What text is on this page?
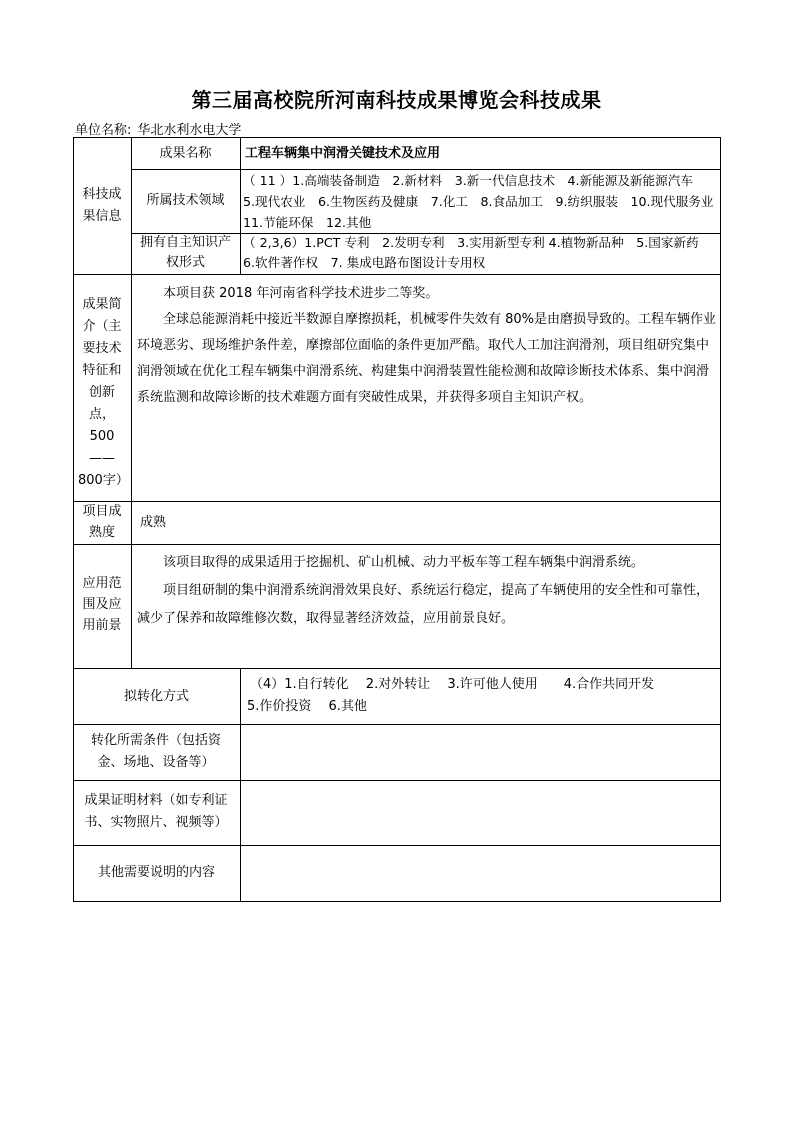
第三届高校院所河南科技成果博览会科技成果
单位名称: 华北水利水电大学
科技成果信息
成果名称	工程车辆集中润滑关键技术及应用
所属技术领域
（ 11 ）1.高端装备制造　2.新材料　3.新一代信息技术　4.新能源及新能源汽车　5.现代农业　6.生物医药及健康　7.化工　8.食品加工　9.纺织服装　10.现代服务业　11.节能环保　12.其他
拥有自主知识产权形式
（ 2,3,6）1.PCT 专利　2.发明专利　3.实用新型专利 4.植物新品种　5.国家新药　6.软件著作权　7. 集成电路布图设计专用权
成果简介（主要技术特征和创新点，500——800字）

本项目获 2018 年河南省科学技术进步二等奖。

全球总能源消耗中接近半数源自摩擦损耗，机械零件失效有 80%是由磨损导致的。工程车辆作业环境恶劣、现场维护条件差，摩擦部位面临的条件更加严酷。取代人工加注润滑剂，项目组研究集中润滑领域在优化工程车辆集中润滑系统、构建集中润滑装置性能检测和故障诊断技术体系、集中润滑系统监测和故障诊断的技术难题方面有突破性成果，并获得多项自主知识产权。

项目成熟度
成熟
应用范围及应用前景

该项目取得的成果适用于挖掘机、矿山机械、动力平板车等工程车辆集中润滑系统。

项目组研制的集中润滑系统润滑效果良好、系统运行稳定，提高了车辆使用的安全性和可靠性，减少了保养和故障维修次数，取得显著经济效益，应用前景良好。

拟转化方式
（4）1.自行转化　 2.对外转让　 3.许可他人使用　　4.合作共同开发
5.作价投资　 6.其他
转化所需条件（包括资金、场地、设备等）
成果证明材料（如专利证书、实物照片、视频等）
其他需要说明的内容
